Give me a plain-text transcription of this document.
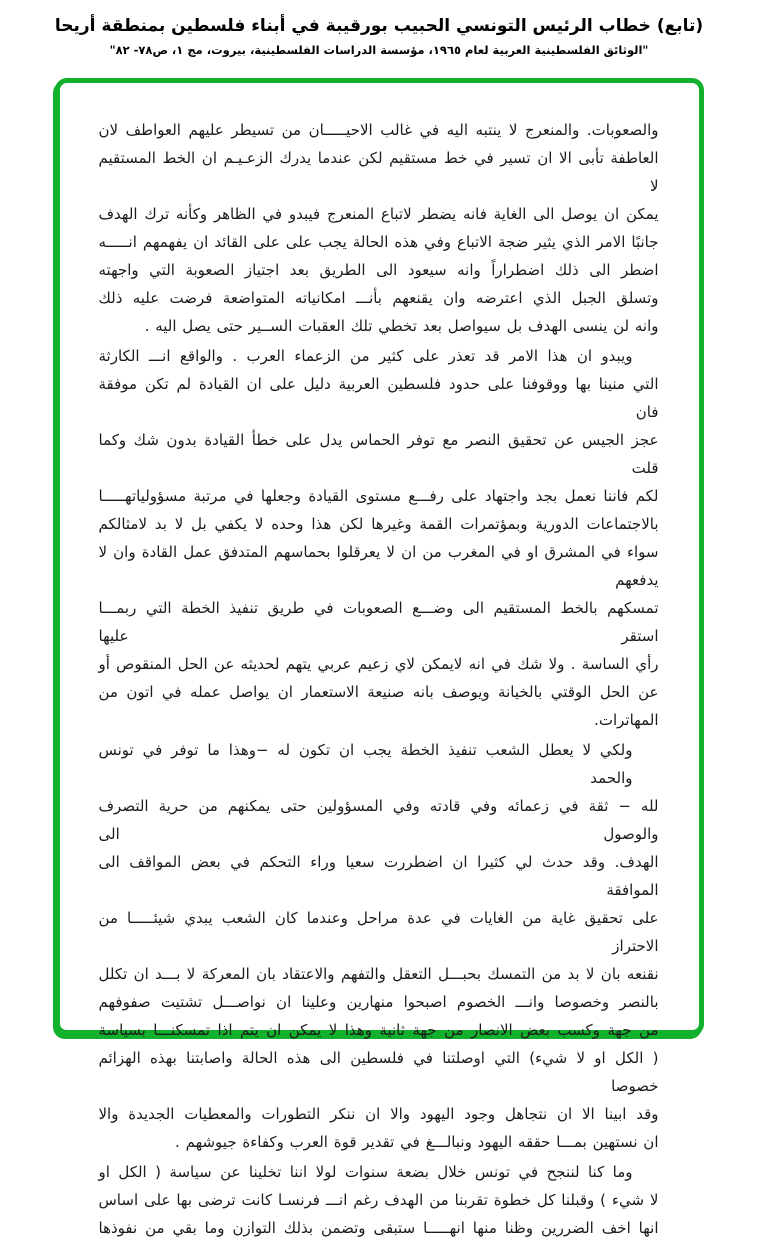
(تابع) خطاب الرئيس التونسي الحبيب بورقيبة في أبناء فلسطين بمنطقة أريحا
"الوثائق الفلسطينية العربية لعام ١٩٦٥، مؤسسة الدراسات الفلسطينية، بيروت، مج ١، ص٧٨- ٨٢"
والصعوبات. والمنعرج لا ينتبه اليه في غالب الاحيـــــان من تسيطر عليهم العواطف لان
العاطفة تأبى الا ان تسير في خط مستقيم لكن عندما يدرك الزعـيـم ان الخط المستقيم لا
يمكن ان يوصل الى الغاية فانه يضطر لاتباع المنعرج فيبدو في الظاهر وكأنه ترك الهدف
جانبًا الامر الذي يثير ضجة الاتباع وفي هذه الحالة يجب على على القائد ان يفهمهم انـــــه
اضطر الى ذلك اضطراراً وانه سيعود الى الطريق بعد اجتياز الصعوبة التي واجهته
وتسلق الجبل الذي اعترضه وان يقنعهم بأنـــ امكانياته المتواضعة فرضت عليه ذلك
وانه لن ينسى الهدف بل سيواصل بعد تخطي تلك العقبات الســير حتى يصل اليه .
ويبدو ان هذا الامر قد تعذر على كثير من الزعماء العرب . والواقع انـــ الكارثة
التي منينا بها ووقوفنا على حدود فلسطين العربية دليل على ان القيادة لم تكن موفقة فان
عجز الجيس عن تحقيق النصر مع توفر الحماس يدل على خطأ القيادة بدون شك وكما قلت
لكم فاننا نعمل بجد واجتهاد على رفـــع مستوى القيادة وجعلها في مرتبة مسؤولياتهـــــا
بالاجتماعات الدورية وبمؤتمرات القمة وغيرها لكن هذا وحده لا يكفي بل لا بد لامثالكم
سواء في المشرق او في المغرب من ان لا يعرقلوا بحماسهم المتدفق عمل القادة وان لا يدفعهم
تمسكهم بالخط المستقيم الى وضـــع الصعوبات في طريق تنفيذ الخطة التي ربمـــا استقر عليها
رأي الساسة . ولا شك في انه لايمكن لاي زعيم عربي يتهم لحديثه عن الحل المنقوص أو
عن الحل الوقتي بالخيانة ويوصف بانه صنيعة الاستعمار ان يواصل عمله في اتون من المهاترات.
ولكي لا يعطل الشعب تنفيذ الخطة يجب ان تكون له −وهذا ما توفر في تونس والحمد
لله − ثقة في زعمائه وفي قادته وفي المسؤولين حتى يمكنهم من حرية التصرف والوصول الى
الهدف. وقد حدث لي كثيرا ان اضطررت سعيا وراء التحكم في بعض المواقف الى الموافقة
على تحقيق غاية من الغايات في عدة مراحل وعندما كان الشعب يبدي شيئـــــا من الاحتراز
نقنعه بان لا بد من التمسك بحبـــل التعقل والتفهم والاعتقاد بان المعركة لا بـــد ان تكلل
بالنصر وخصوصا وانـــ الخصوم اصبحوا منهارين وعلينا ان نواصـــل تشتيت صفوفهم
من جهة وكسب بعض الانصار من جهة ثانية وهذا لا يمكن ان يتم اذا تمسكنـــا بسياسة
( الكل او لا شيء) التي اوصلتنا في فلسطين الى هذه الحالة واصابتنا بهذه الهزائم خصوصا
وقد ابينا الا ان نتجاهل وجود اليهود والا ان ننكر التطورات والمعطيات الجديدة والا
ان نستهين بمـــا حققه اليهود ونبالـــغ في تقدير قوة العرب وكفاءة جيوشهم .
وما كنا لننجح في تونس خلال بضعة سنوات لولا اننا تخلينا عن سياسة ( الكل او
لا شيء ) وقبلنا كل خطوة تقربنا من الهدف رغم انـــ فرنسـا كانت ترضى بها على اساس
انها اخف الضررين وظنا منها انهـــــا ستبقى وتضمن بذلك التوازن وما بقي من نفوذها
